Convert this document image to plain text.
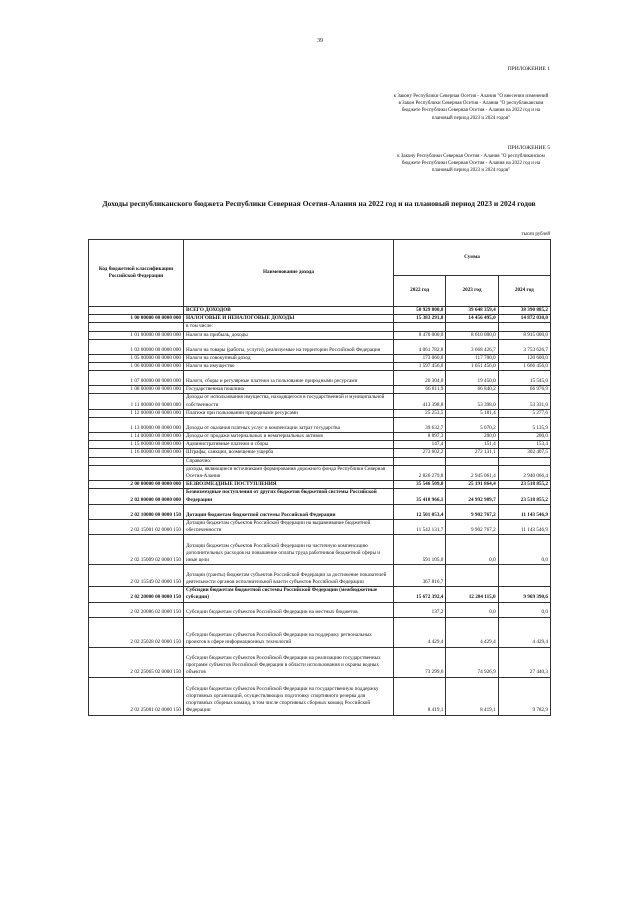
39
ПРИЛОЖЕНИЕ 1
к Закону Республики Северная Осетия - Алания "О внесении изменений в Закон Республики Северная Осетия - Алания "О республиканском бюджете Республики Северная Осетия - Алания на 2022 год и на плановый период 2023 и 2024 годов"
ПРИЛОЖЕНИЕ 5
к Закону Республики Северная Осетия - Алания "О республиканском бюджете Республики Северная Осетия - Алания на 2022 год и на плановый период 2023 и 2024 годов"
Доходы республиканского бюджета Республики Северная Осетия-Алания на 2022 год и на плановый период 2023 и 2024 годов
тысяч рублей
Код бюджетной классификации Российской Федерации	Наименование дохода	Сумма		
		2022 год	2023 год	2024 год
	ВСЕГО ДОХОДОВ	50 929 800,8	39 648 359,4	38 390 885,2
1 00 00000 00 0000 000	НАЛОГОВЫЕ И НЕНАЛОГОВЫЕ ДОХОДЫ	15 383 291,8	14 456 495,0	14 872 030,0
	в том числе:			
1 01 00000 00 0000 000	Налоги на прибыль, доходы	8 470 000,0	8 610 000,0	8 915 000,0
1 03 00000 00 0000 000	Налоги на товары (работы, услуги), реализуемые на территории Российской Федерации	4 061 782,8	3 668 426,7	3 753 626,7
1 05 00000 00 0000 000	Налоги на совокупный доход	173 060,0	117 700,0	120 600,0
1 06 00000 00 0000 000	Налоги на имущество	1 597 456,0	1 651 456,0	1 666 456,0
1 07 00000 00 0000 000	Налоги, сборы и регулярные платежи за пользование природными ресурсами	20 304,0	19 450,0	15 545,0
1 08 00000 00 0000 000	Государственная пошлина	66 811,9	66 840,2	66 976,9
1 11 00000 00 0000 000	Доходы от использования имущества, находящегося в государственной и муниципальной собственности	413 398,8	53 398,0	53 331,0
1 12 00000 00 0000 000	Платежи при пользовании природными ресурсами	25 253,5	5 181,4	5 277,6
1 13 00000 00 0000 000	Доходы от оказания платных услуг и компенсации затрат государства	39 632,7	5 070,2	5 135,9
1 14 00000 00 0000 000	Доходы от продажи материальных и нематериальных активов	8 897,3	200,0	200,0
1 15 00000 00 0000 000	Административные платежи и сборы	147,4	151,4	153,4
1 16 00000 00 0000 000	Штрафы, санкции, возмещение ущерба	273 602,2	272 131,1	302 407,5
	Справочно:			
	доходы, являющиеся источниками формирования дорожного фонда Республики Северная Осетия-Алания	2 826 279,8	2 945 061,4	2 940 066,4
2 00 00000 00 0000 000	БЕЗВОЗМЕЗДНЫЕ ПОСТУПЛЕНИЯ	35 546 509,0	25 191 864,4	23 518 855,2
2 02 00000 00 0000 000	Безвозмездные поступления от других бюджетов бюджетной системы Российской Федерации	35 418 966,1	24 992 989,7	23 518 855,2
2 02 10000 00 0000 150	Дотации бюджетам бюджетной системы Российской Федерации	12 501 053,4	9 902 767,2	11 143 546,9
2 02 15001 02 0000 150	Дотации бюджетам субъектов Российской Федерации на выравнивание бюджетной обеспеченности	11 542 131,7	9 902 767,2	11 143 546,9
2 02 15009 02 0000 150	Дотации бюджетам субъектов Российской Федерации на частичную компенсацию дополнительных расходов на повышение оплаты труда работников бюджетной сферы и иные цели	591 105,0	0,0	0,0
2 02 15549 02 0000 150	Дотации (гранты) бюджетам субъектов Российской Федерации за достижение показателей деятельности органов исполнительной власти субъектов Российской Федерации	367 816,7		
2 02 20000 00 0000 150	Субсидии бюджетам бюджетной системы Российской Федерации (межбюджетные субсидии)	15 672 392,4	12 204 115,0	9 969 390,6
2 02 20086 02 0000 150	Субсидии бюджетам субъектов Российской Федерации на местных бюджетов	137,2	0,0	0,0
2 02 25028 02 0000 150	Субсидии бюджетам субъектов Российской Федерации на поддержку региональных проектов в сфере информационных технологий	4 429,4	4 429,4	4 429,4
2 02 25065 02 0000 150	Субсидии бюджетам субъектов Российской Федерации на реализацию государственных программ субъектов Российской Федерации в области использования и охраны водных объектов	73 299,6	74 926,9	27 440,3
2 02 25081 02 0000 150	Субсидии бюджетам субъектов Российской Федерации на государственную поддержку спортивных организаций, осуществляющих подготовку спортивного резерва для спортивных сборных команд, в том числе спортивных сборных команд Российской Федерации	8 419,1	8 419,1	9 782,9
